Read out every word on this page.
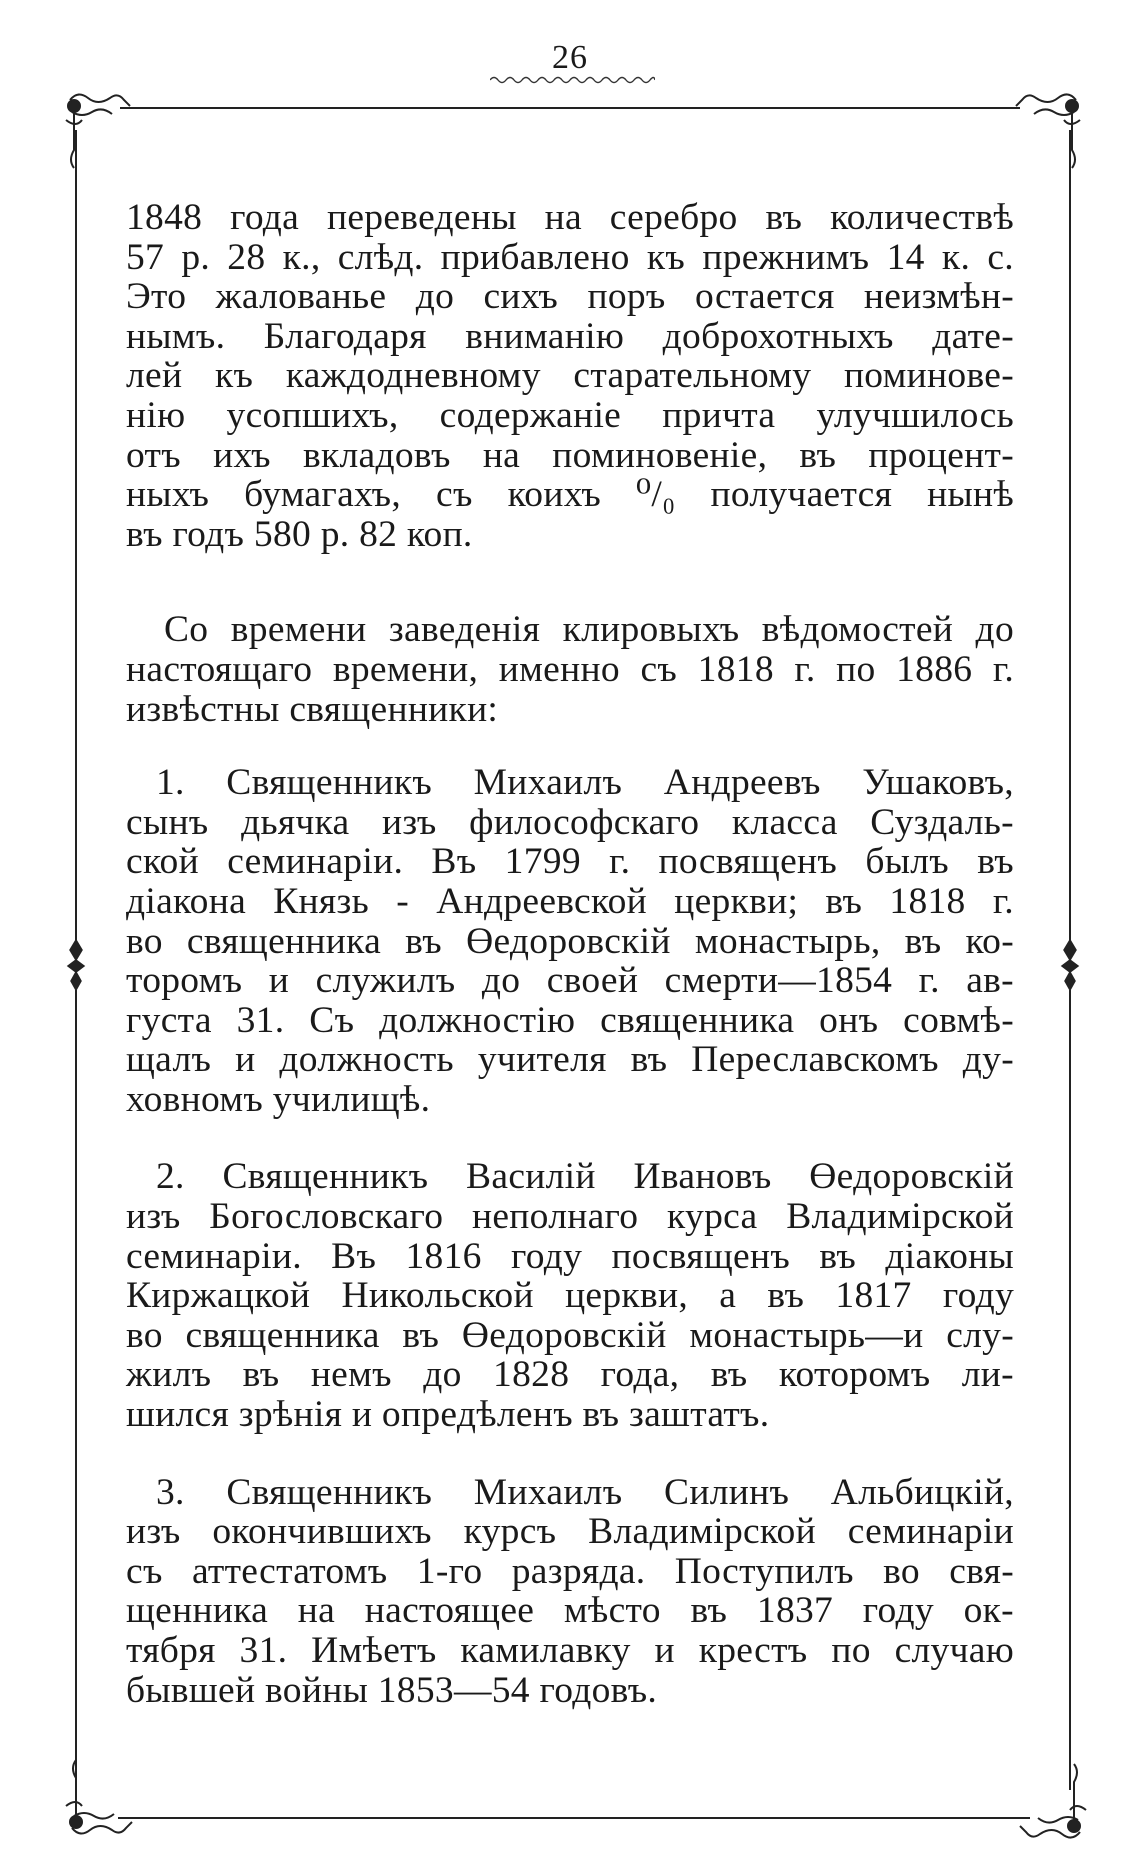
26

1848 года переведены на серебро въ количествѣ
57 р. 28 к., слѣд. прибавлено къ прежнимъ 14 к. с.
Это жалованье до сихъ поръ остается неизмѣн-
нымъ. Благодаря вниманію доброхотныхъ дате-
лей къ каждодневному старательному поминове-
нію усопшихъ, содержаніе причта улучшилось
отъ ихъ вкладовъ на поминовеніе, въ процент-
ныхъ бумагахъ, съ коихъ ⁰/₀ получается нынѣ
въ годъ 580 р. 82 коп.

Со времени заведенія клировыхъ вѣдомостей до
настоящаго времени, именно съ 1818 г. по 1886 г.
извѣстны священники:

1. Священникъ Михаилъ Андреевъ Ушаковъ,
сынъ дьячка изъ философскаго класса Суздаль-
ской семинаріи. Въ 1799 г. посвященъ былъ въ
діакона Князь - Андреевской церкви; въ 1818 г.
во священника въ Өедоровскій монастырь, въ ко-
торомъ и служилъ до своей смерти—1854 г. ав-
густа 31. Съ должностію священника онъ совмѣ-
щалъ и должность учителя въ Переславскомъ ду-
ховномъ училищѣ.

2. Священникъ Василій Ивановъ Өедоровскій
изъ Богословскаго неполнаго курса Владимірской
семинаріи. Въ 1816 году посвященъ въ діаконы
Киржацкой Никольской церкви, а въ 1817 году
во священника въ Өедоровскій монастырь—и слу-
жилъ въ немъ до 1828 года, въ которомъ ли-
шился зрѣнія и опредѣленъ въ заштатъ.

3. Священникъ Михаилъ Силинъ Альбицкій,
изъ окончившихъ курсъ Владимірской семинаріи
съ аттестатомъ 1-го разряда. Поступилъ во свя-
щенника на настоящее мѣсто въ 1837 году ок-
тября 31. Имѣетъ камилавку и крестъ по случаю
бывшей войны 1853—54 годовъ.
